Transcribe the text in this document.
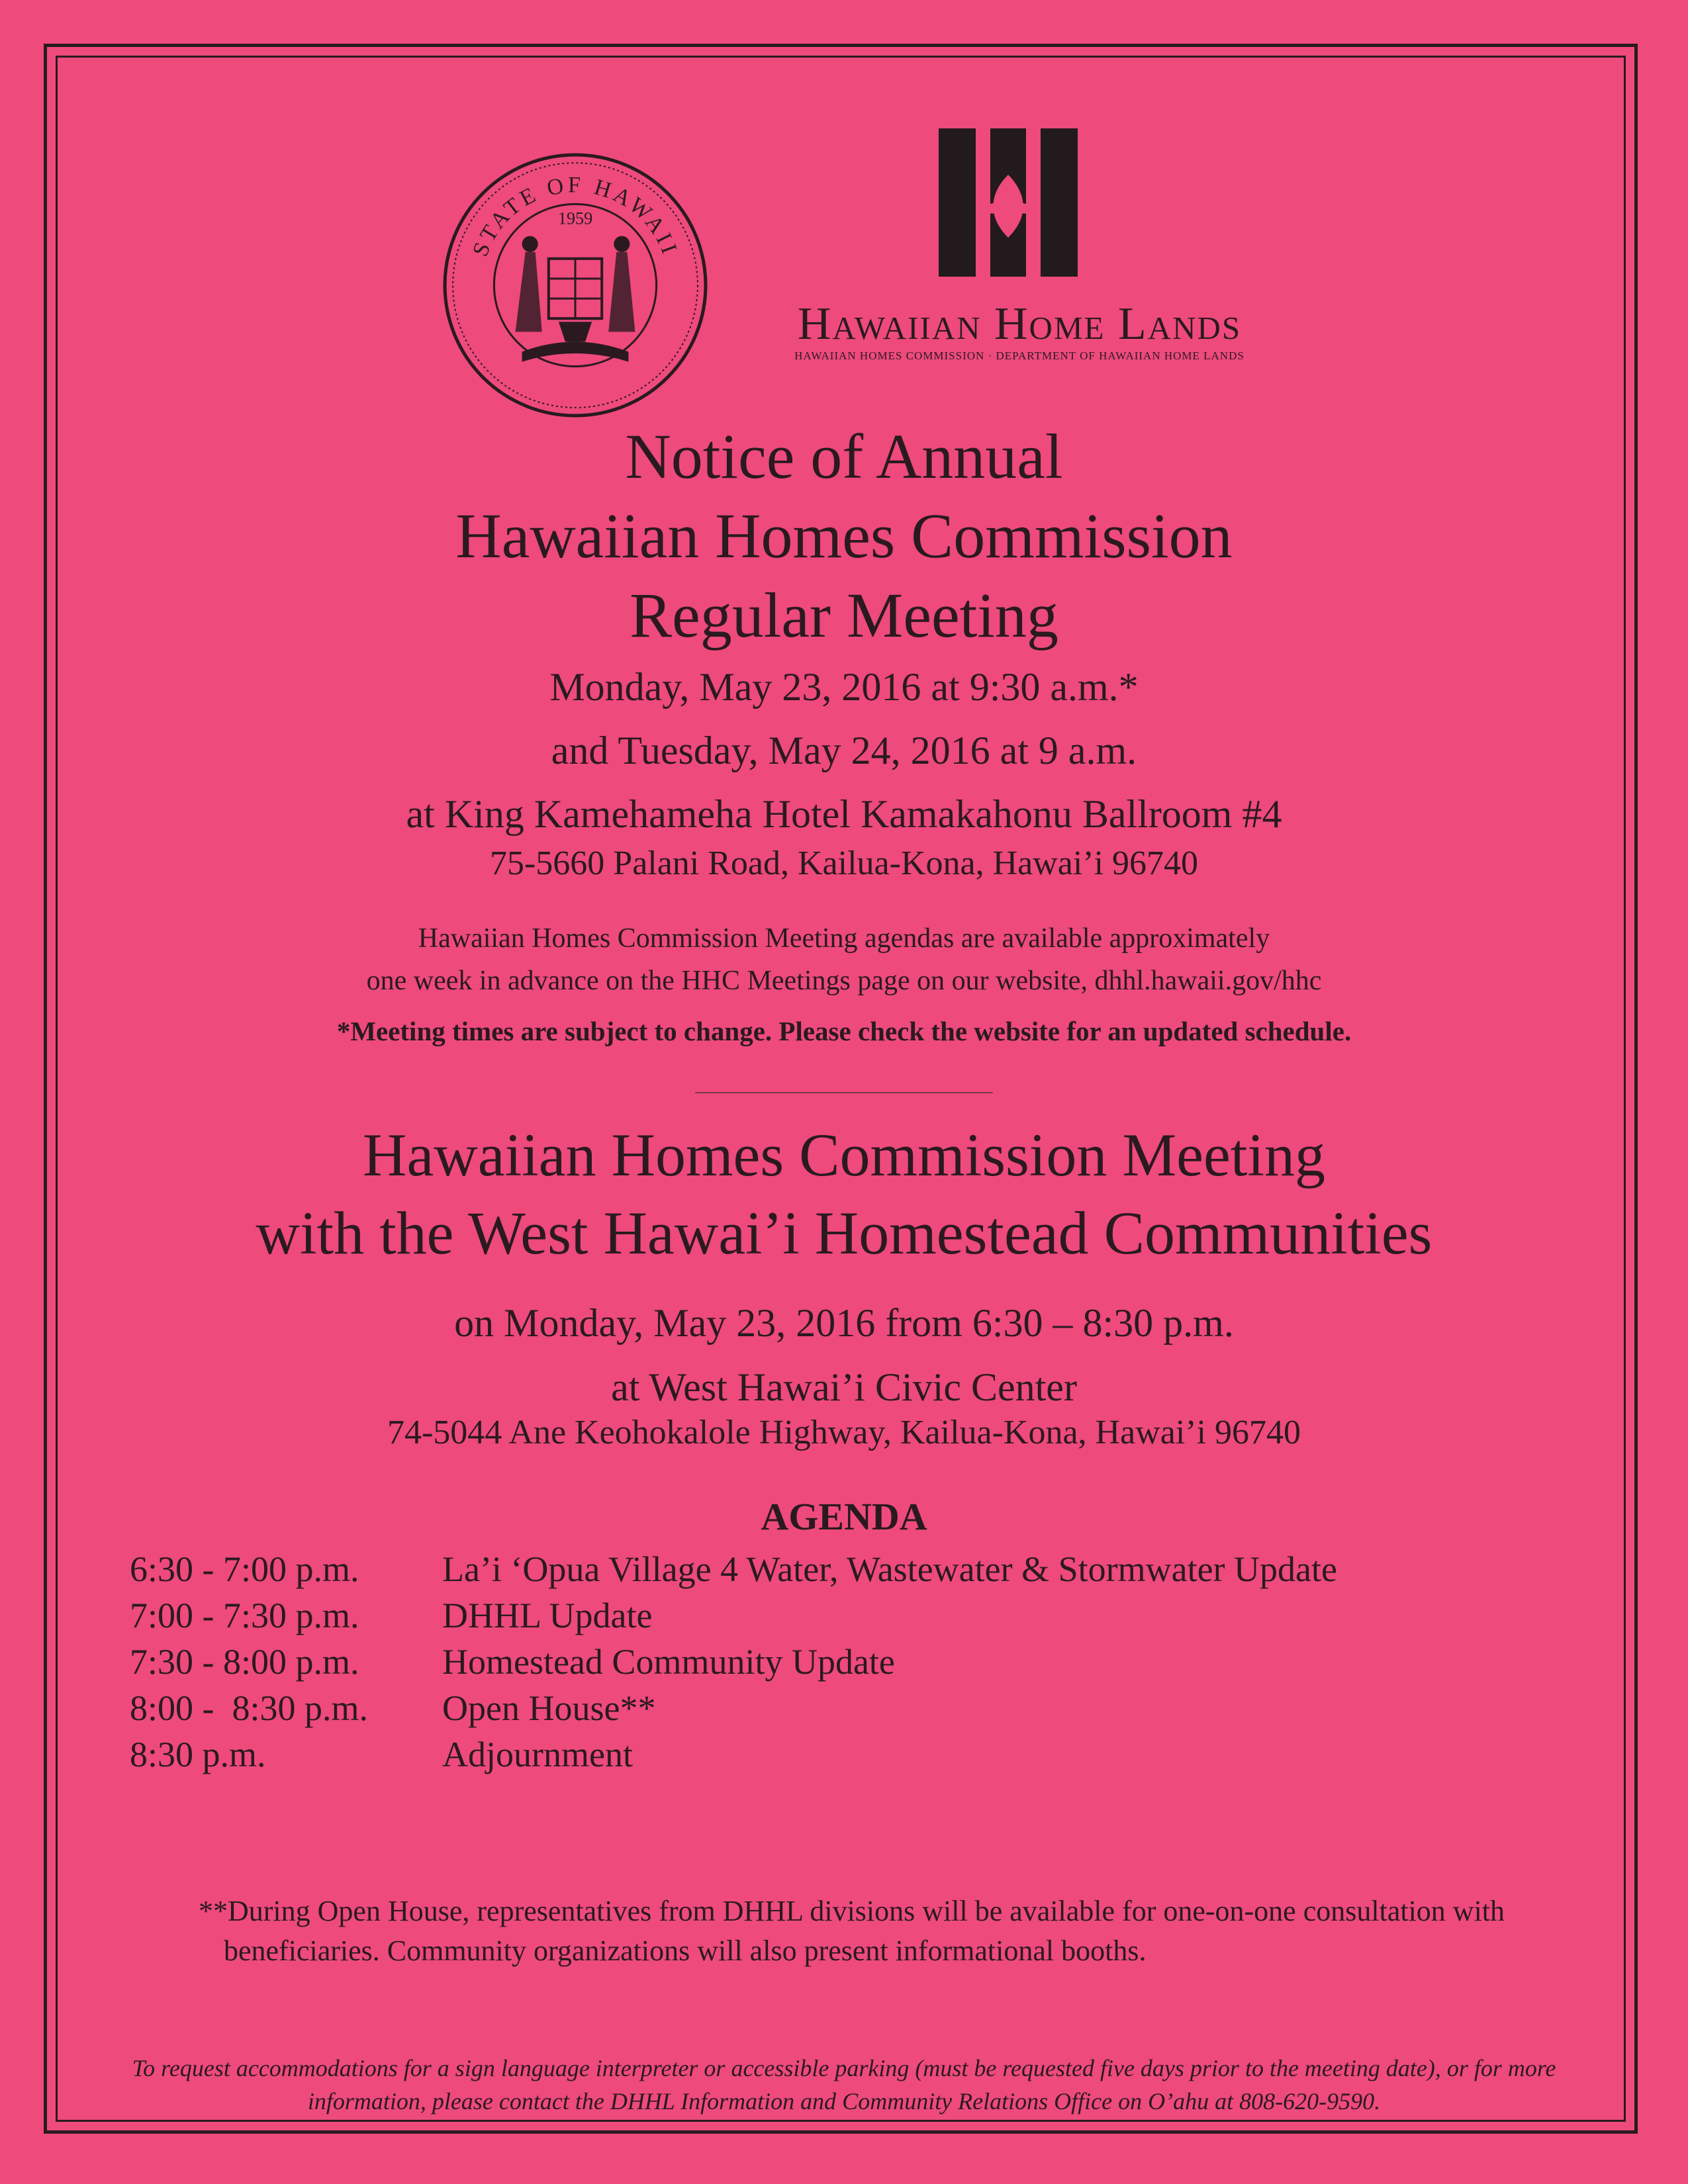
STATE OF HAWAII
1959
Hawaiian Home Lands
HAWAIIAN HOMES COMMISSION · DEPARTMENT OF HAWAIIAN HOME LANDS
Notice of Annual
Hawaiian Homes Commission
Regular Meeting
Monday, May 23, 2016 at 9:30 a.m.*
and Tuesday, May 24, 2016 at 9 a.m.
at King Kamehameha Hotel Kamakahonu Ballroom #4
75-5660 Palani Road, Kailua-Kona, Hawai’i 96740
Hawaiian Homes Commission Meeting agendas are available approximately
one week in advance on the HHC Meetings page on our website, dhhl.hawaii.gov/hhc
*Meeting times are subject to change. Please check the website for an updated schedule.
Hawaiian Homes Commission Meeting
with the West Hawai’i Homestead Communities
on Monday, May 23, 2016 from 6:30 – 8:30 p.m.
at West Hawai’i Civic Center
74-5044 Ane Keohokalole Highway, Kailua-Kona, Hawai’i 96740
AGENDA
6:30 - 7:00 p.m.	La’i ‘Opua Village 4 Water, Wastewater & Stormwater Update
7:00 - 7:30 p.m.	DHHL Update
7:30 - 8:00 p.m.	Homestead Community Update
8:00 -  8:30 p.m.	Open House**
8:30 p.m.	Adjournment
**During Open House, representatives from DHHL divisions will be available for one-on-one consultation with beneficiaries. Community organizations will also present informational booths.
To request accommodations for a sign language interpreter or accessible parking (must be requested five days prior to the meeting date), or for more information, please contact the DHHL Information and Community Relations Office on O’ahu at 808-620-9590.
